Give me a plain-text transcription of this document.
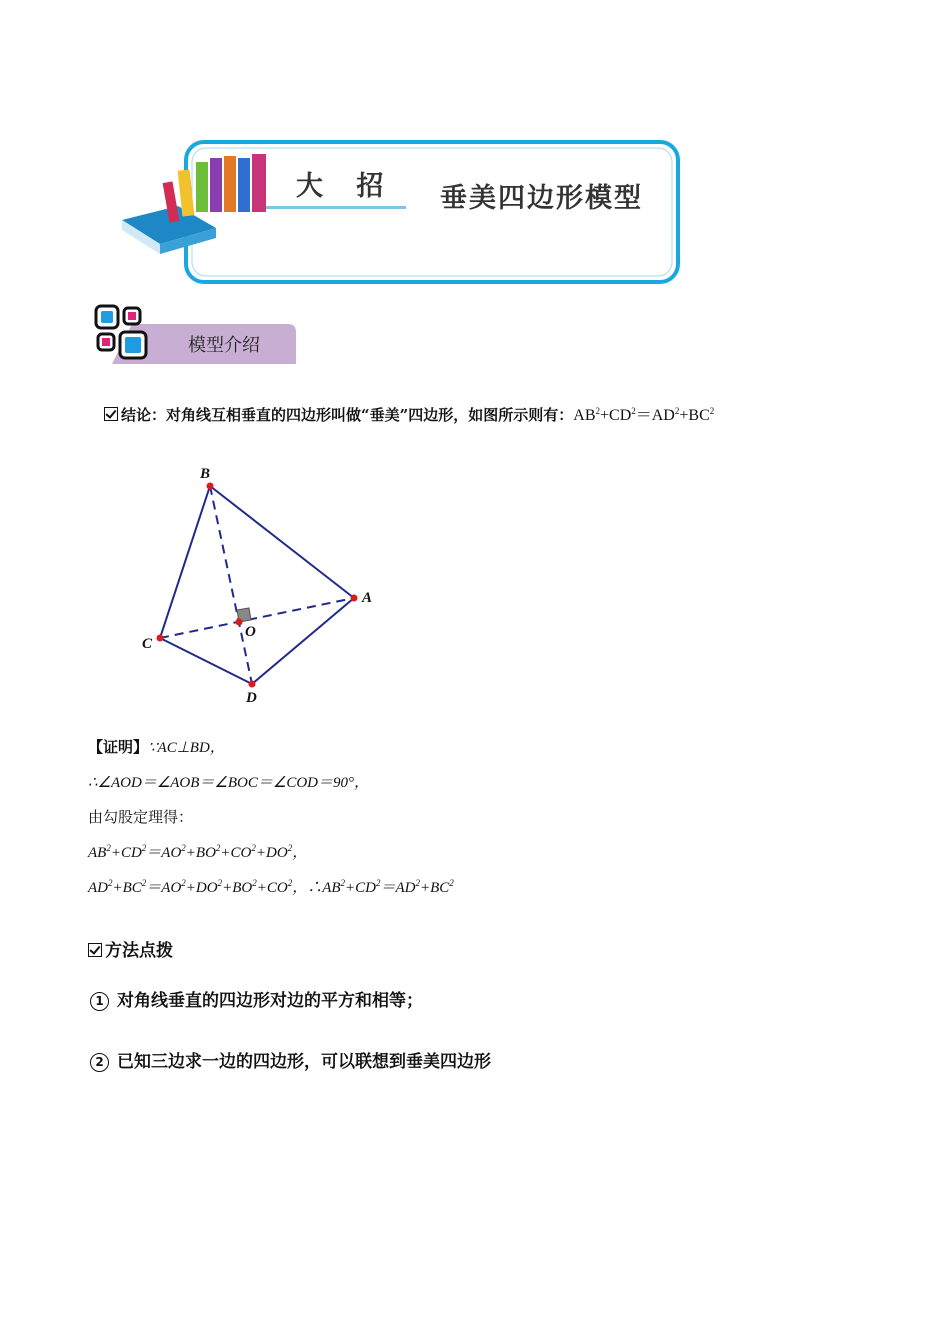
大 招 垂美四边形模型
模型介绍
结论：对角线互相垂直的四边形叫做“垂美”四边形，如图所示则有：$AB^2+CD^2=AD^2+BC^2$
B
A
C
D
O
【证明】∵AC⊥BD，
∴∠AOD＝∠AOB＝∠BOC＝∠COD＝90°，
由勾股定理得：
$AB^2+CD^2=AO^2+BO^2+CO^2+DO^2$，
$AD^2+BC^2=AO^2+DO^2+BO^2+CO^2$，$\therefore AB^2+CD^2=AD^2+BC^2$
方法点拨
1 对角线垂直的四边形对边的平方和相等；
2 已知三边求一边的四边形，可以联想到垂美四边形
